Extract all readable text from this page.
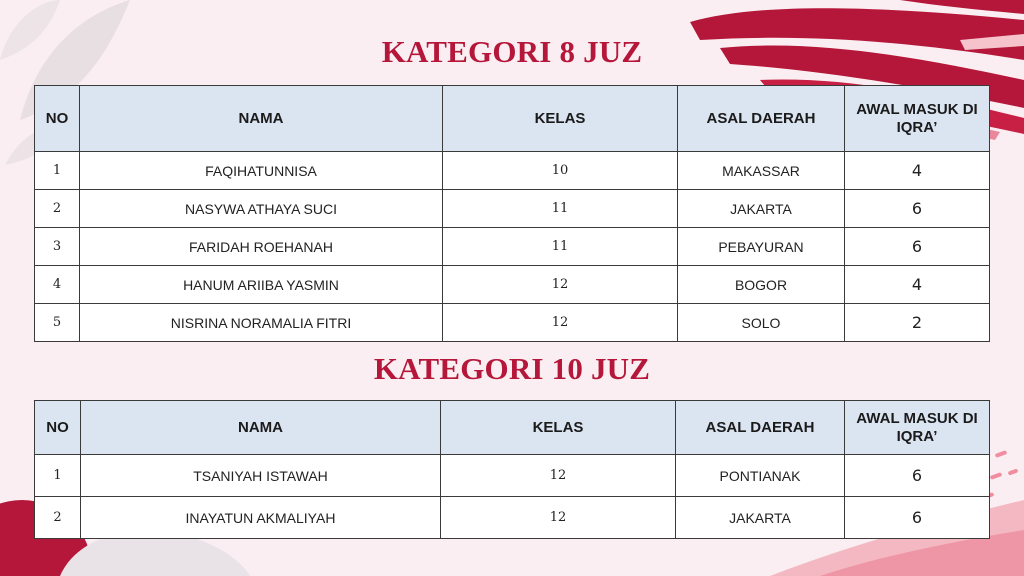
KATEGORI 8 JUZ
NO	NAMA	KELAS	ASAL DAERAH	AWAL MASUK DI IQRA’
1	FAQIHATUNNISA	10	MAKASSAR	4
2	NASYWA ATHAYA SUCI	11	JAKARTA	6
3	FARIDAH ROEHANAH	11	PEBAYURAN	6
4	HANUM ARIIBA YASMIN	12	BOGOR	4
5	NISRINA NORAMALIA FITRI	12	SOLO	2
KATEGORI 10 JUZ
NO	NAMA	KELAS	ASAL DAERAH	AWAL MASUK DI IQRA’
1	TSANIYAH ISTAWAH	12	PONTIANAK	6
2	INAYATUN AKMALIYAH	12	JAKARTA	6
